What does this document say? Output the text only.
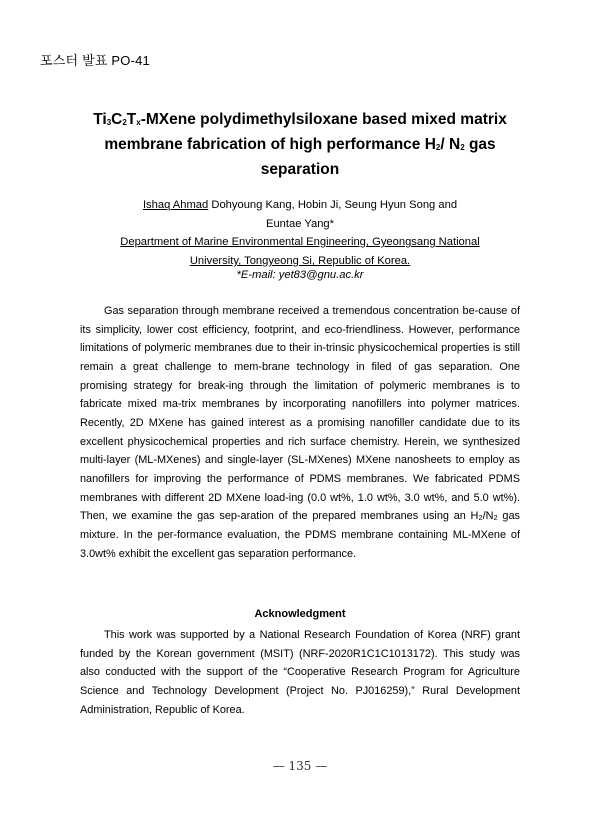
포스터 발표 PO-41
$Ti_3C_2T_x$-MXene polydimethylsiloxane based mixed matrix
membrane fabrication of high performance $H_2/$ $N_2$ gas
separation
Ishaq Ahmad Dohyoung Kang, Hobin Ji, Seung Hyun Song and
Euntae Yang*
Department of Marine Environmental Engineering, Gyeongsang National
University, Tongyeong Si, Republic of Korea.
*E-mail: yet83@gnu.ac.kr

Gas separation through membrane received a tremendous concentration be-cause of its simplicity, lower cost efficiency, footprint, and eco-friendliness. However, performance limitations of polymeric membranes due to their in-trinsic physicochemical properties is still remain a great challenge to mem-brane technology in filed of gas separation. One promising strategy for break-ing through the limitation of polymeric membranes is to fabricate mixed ma-trix membranes by incorporating nanofillers into polymer matrices. Recently, 2D MXene has gained interest as a promising nanofiller candidate due to its excellent physicochemical properties and rich surface chemistry. Herein, we synthesized multi-layer (ML-MXenes) and single-layer (SL-MXenes) MXene nanosheets to employ as nanofillers for improving the performance of PDMS membranes. We fabricated PDMS membranes with different 2D MXene load-ing (0.0 wt%, 1.0 wt%, 3.0 wt%, and 5.0 wt%). Then, we examine the gas sep-aration of the prepared membranes using an $H_2/N_2$ gas mixture. In the per-formance evaluation, the PDMS membrane containing ML-MXene of 3.0wt% exhibit the excellent gas separation performance.

Acknowledgment

This work was supported by a National Research Foundation of Korea (NRF) grant funded by the Korean government (MSIT) (NRF-2020R1C1C1013172). This study was also conducted with the support of the “Cooperative Research Program for Agriculture Science and Technology Development (Project No. PJ016259),” Rural Development Administration, Republic of Korea.

— 135 —
